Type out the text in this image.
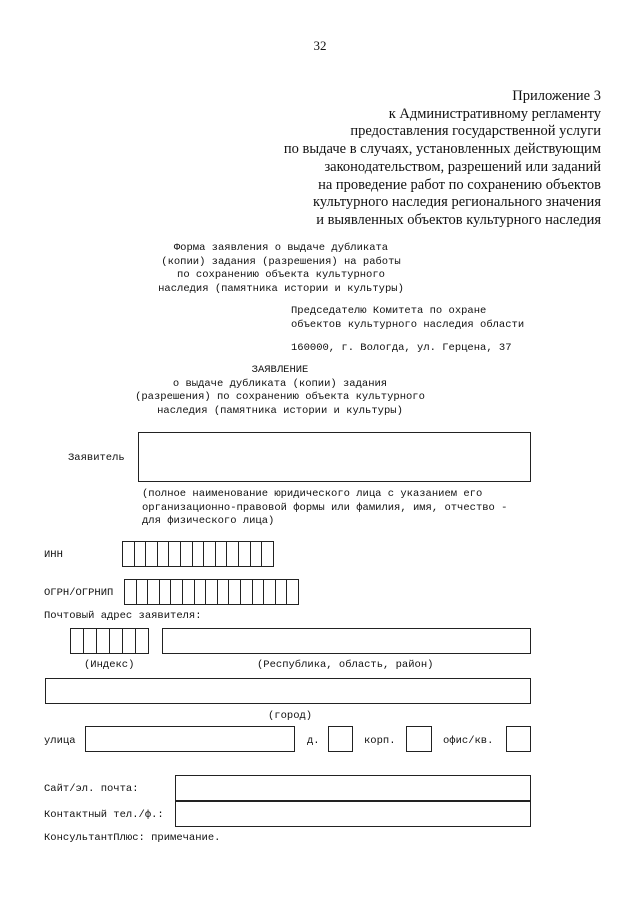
32
Приложение 3
к Административному регламенту
предоставления государственной услуги
по выдаче в случаях, установленных действующим
законодательством, разрешений или заданий
на проведение работ по сохранению объектов
культурного наследия регионального значения
и выявленных объектов культурного наследия
Форма заявления о выдаче дубликата
(копии) задания (разрешения) на работы
по сохранению объекта культурного
наследия (памятника истории и культуры)
Председателю Комитета по охране
объектов культурного наследия области
160000, г. Вологда, ул. Герцена, 37
ЗАЯВЛЕНИЕ
о выдаче дубликата (копии) задания
(разрешения) по сохранению объекта культурного
наследия (памятника истории и культуры)
Заявитель
(полное наименование юридического лица с указанием его
организационно-правовой формы или фамилия, имя, отчество -
для физического лица)
ИНН
ОГРН/ОГРНИП
Почтовый адрес заявителя:
(Индекс)	(Республика, область, район)
(город)
улица	д.	корп.	офис/кв.
Сайт/эл. почта:
Контактный тел./ф.:
КонсультантПлюс: примечание.
